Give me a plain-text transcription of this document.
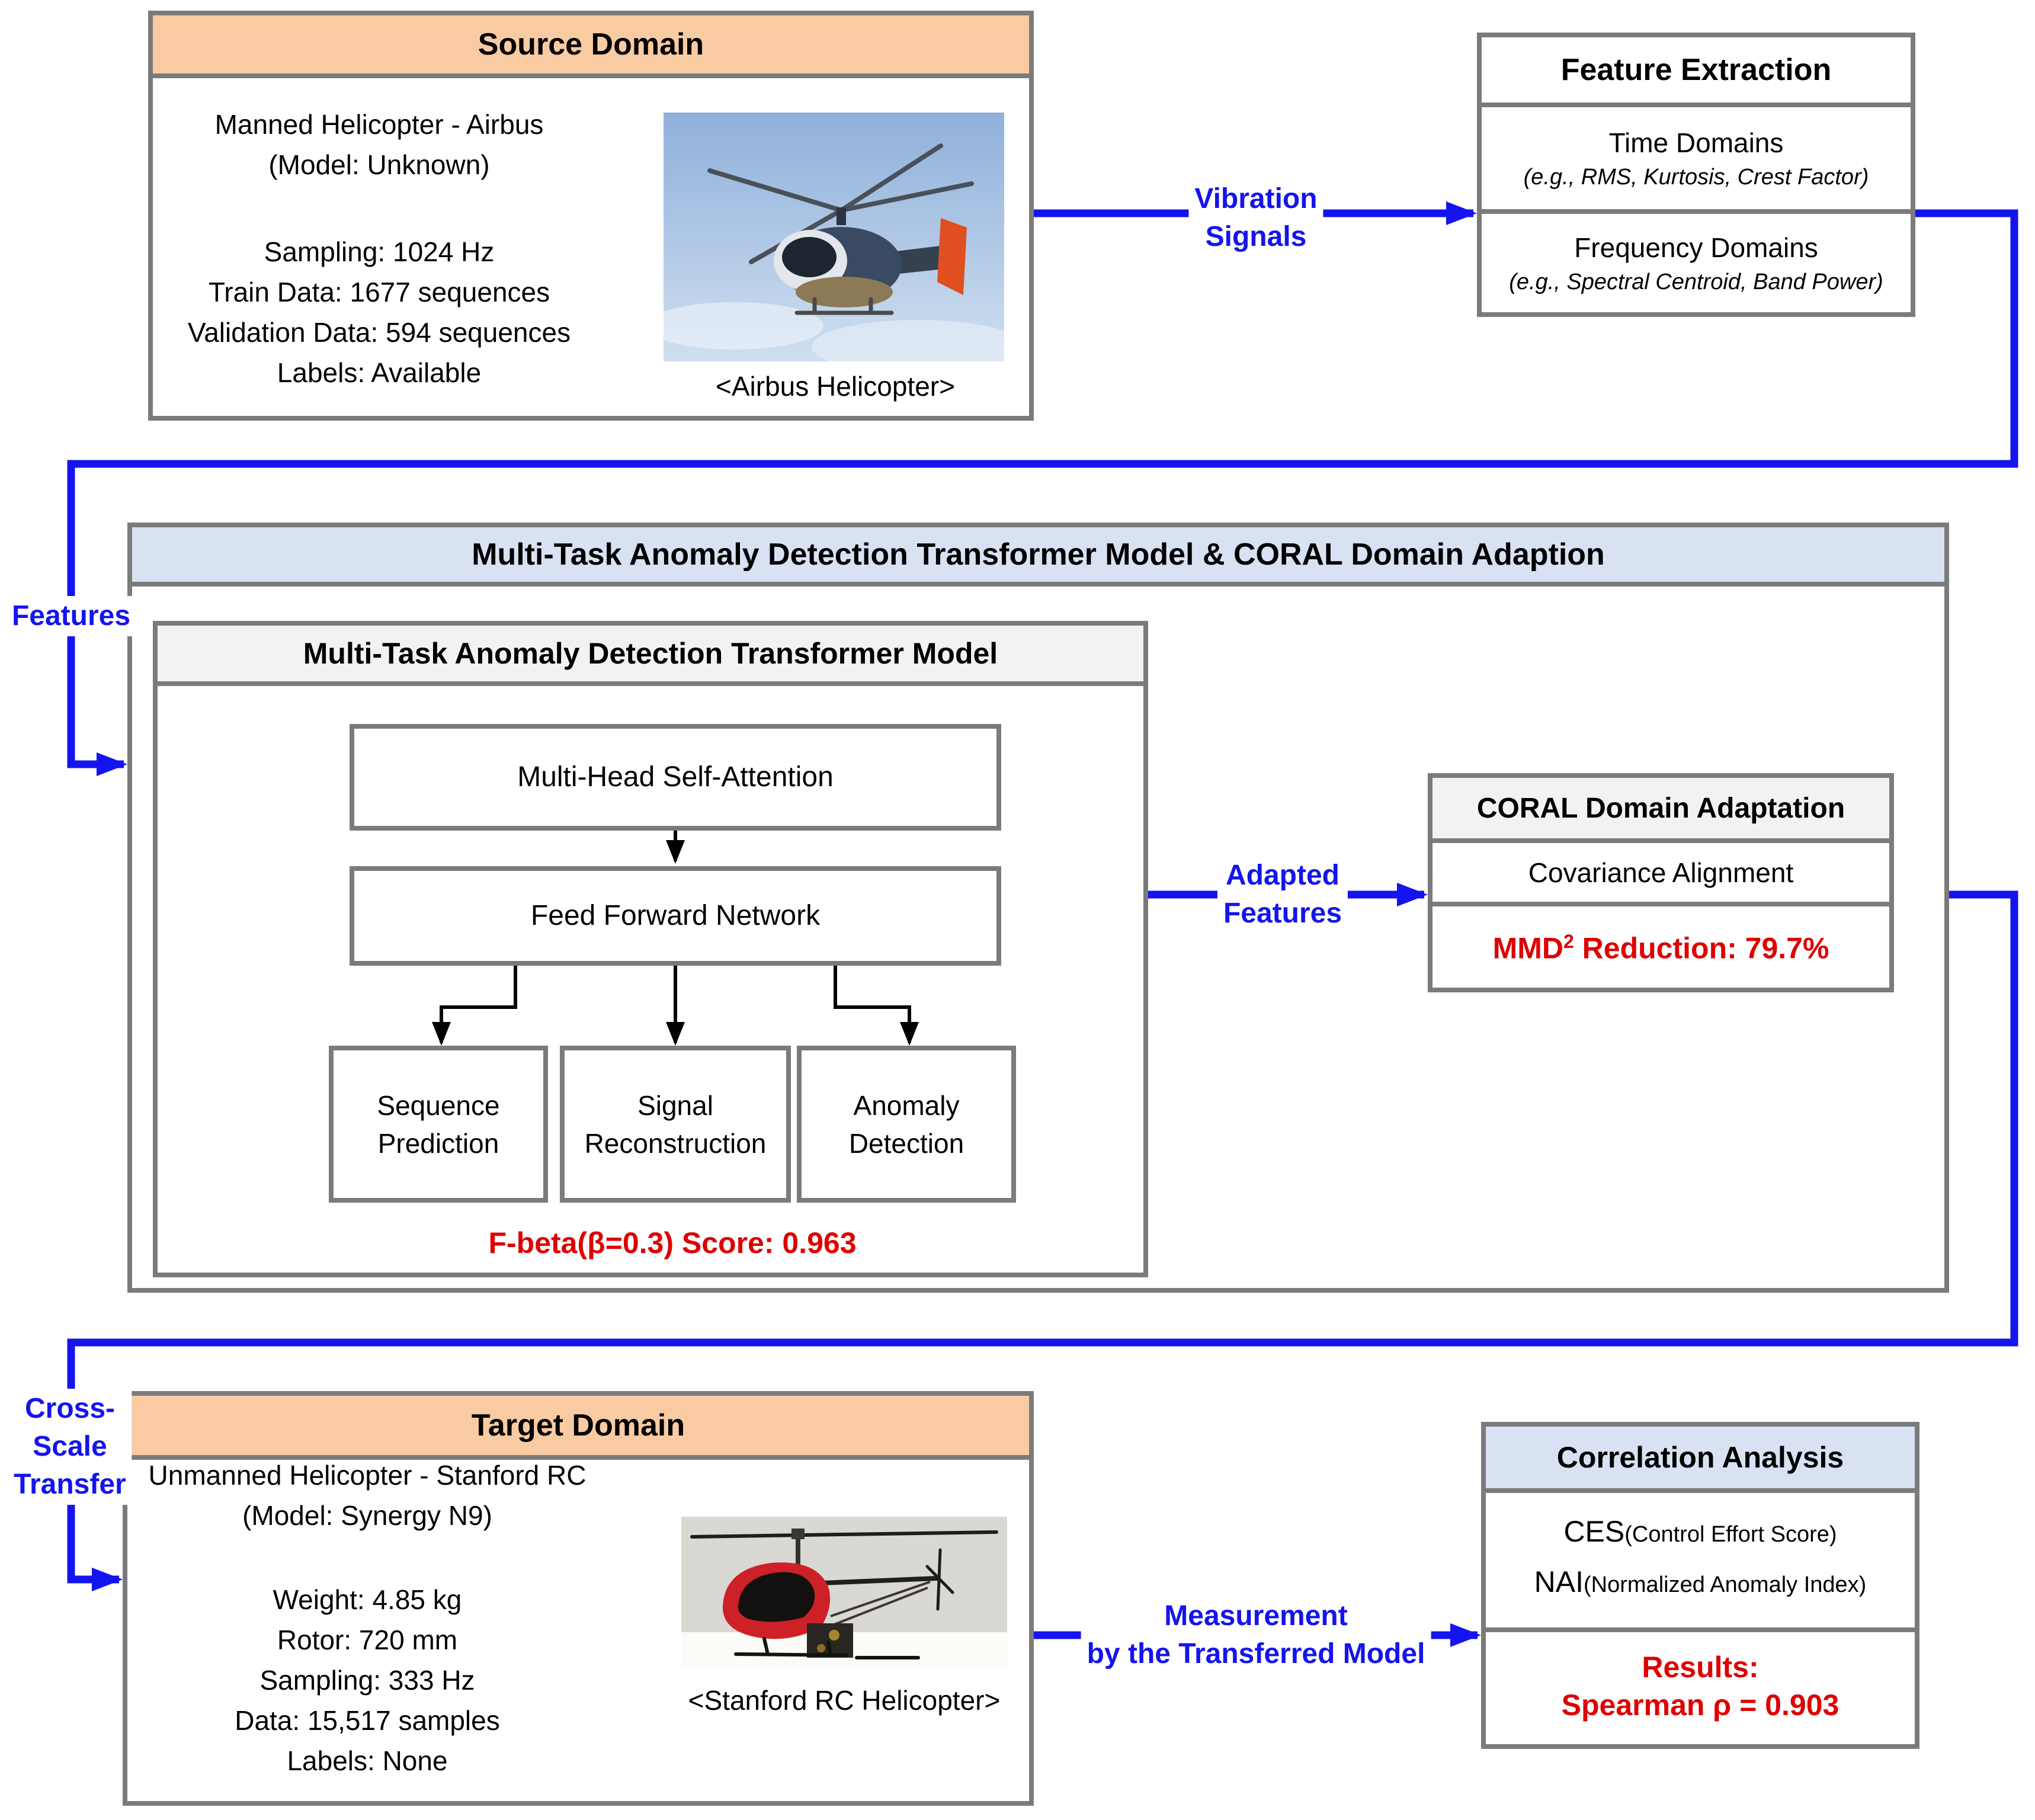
Source Domain
Manned Helicopter - Airbus
(Model: Unknown)
Sampling: 1024 Hz
Train Data: 1677 sequences
Validation Data: 594 sequences
Labels: Available	<Airbus Helicopter>
Feature Extraction
Time Domains
(e.g., RMS, Kurtosis, Crest Factor)
Frequency Domains
(e.g., Spectral Centroid, Band Power)
Multi-Task Anomaly Detection Transformer Model & CORAL Domain Adaption
Multi-Task Anomaly Detection Transformer Model
Multi-Head Self-Attention
Feed Forward Network
Sequence
Prediction
Signal
Reconstruction
Anomaly
Detection
F-beta(β=0.3) Score: 0.963
CORAL Domain Adaptation
Covariance Alignment
MMD$^2$ Reduction: 79.7%
Target Domain
Unmanned Helicopter - Stanford RC
(Model: Synergy N9)
Weight: 4.85 kg
Rotor: 720 mm
Sampling: 333 Hz
Data: 15,517 samples
Labels: None
<Stanford RC Helicopter>
Correlation Analysis
CES(Control Effort Score)
NAI(Normalized Anomaly Index)
Results:
Spearman ρ = 0.903
Vibration
Signals
Features
Adapted
Features
Cross-
Scale
Transfer
Measurement
by the Transferred Model
